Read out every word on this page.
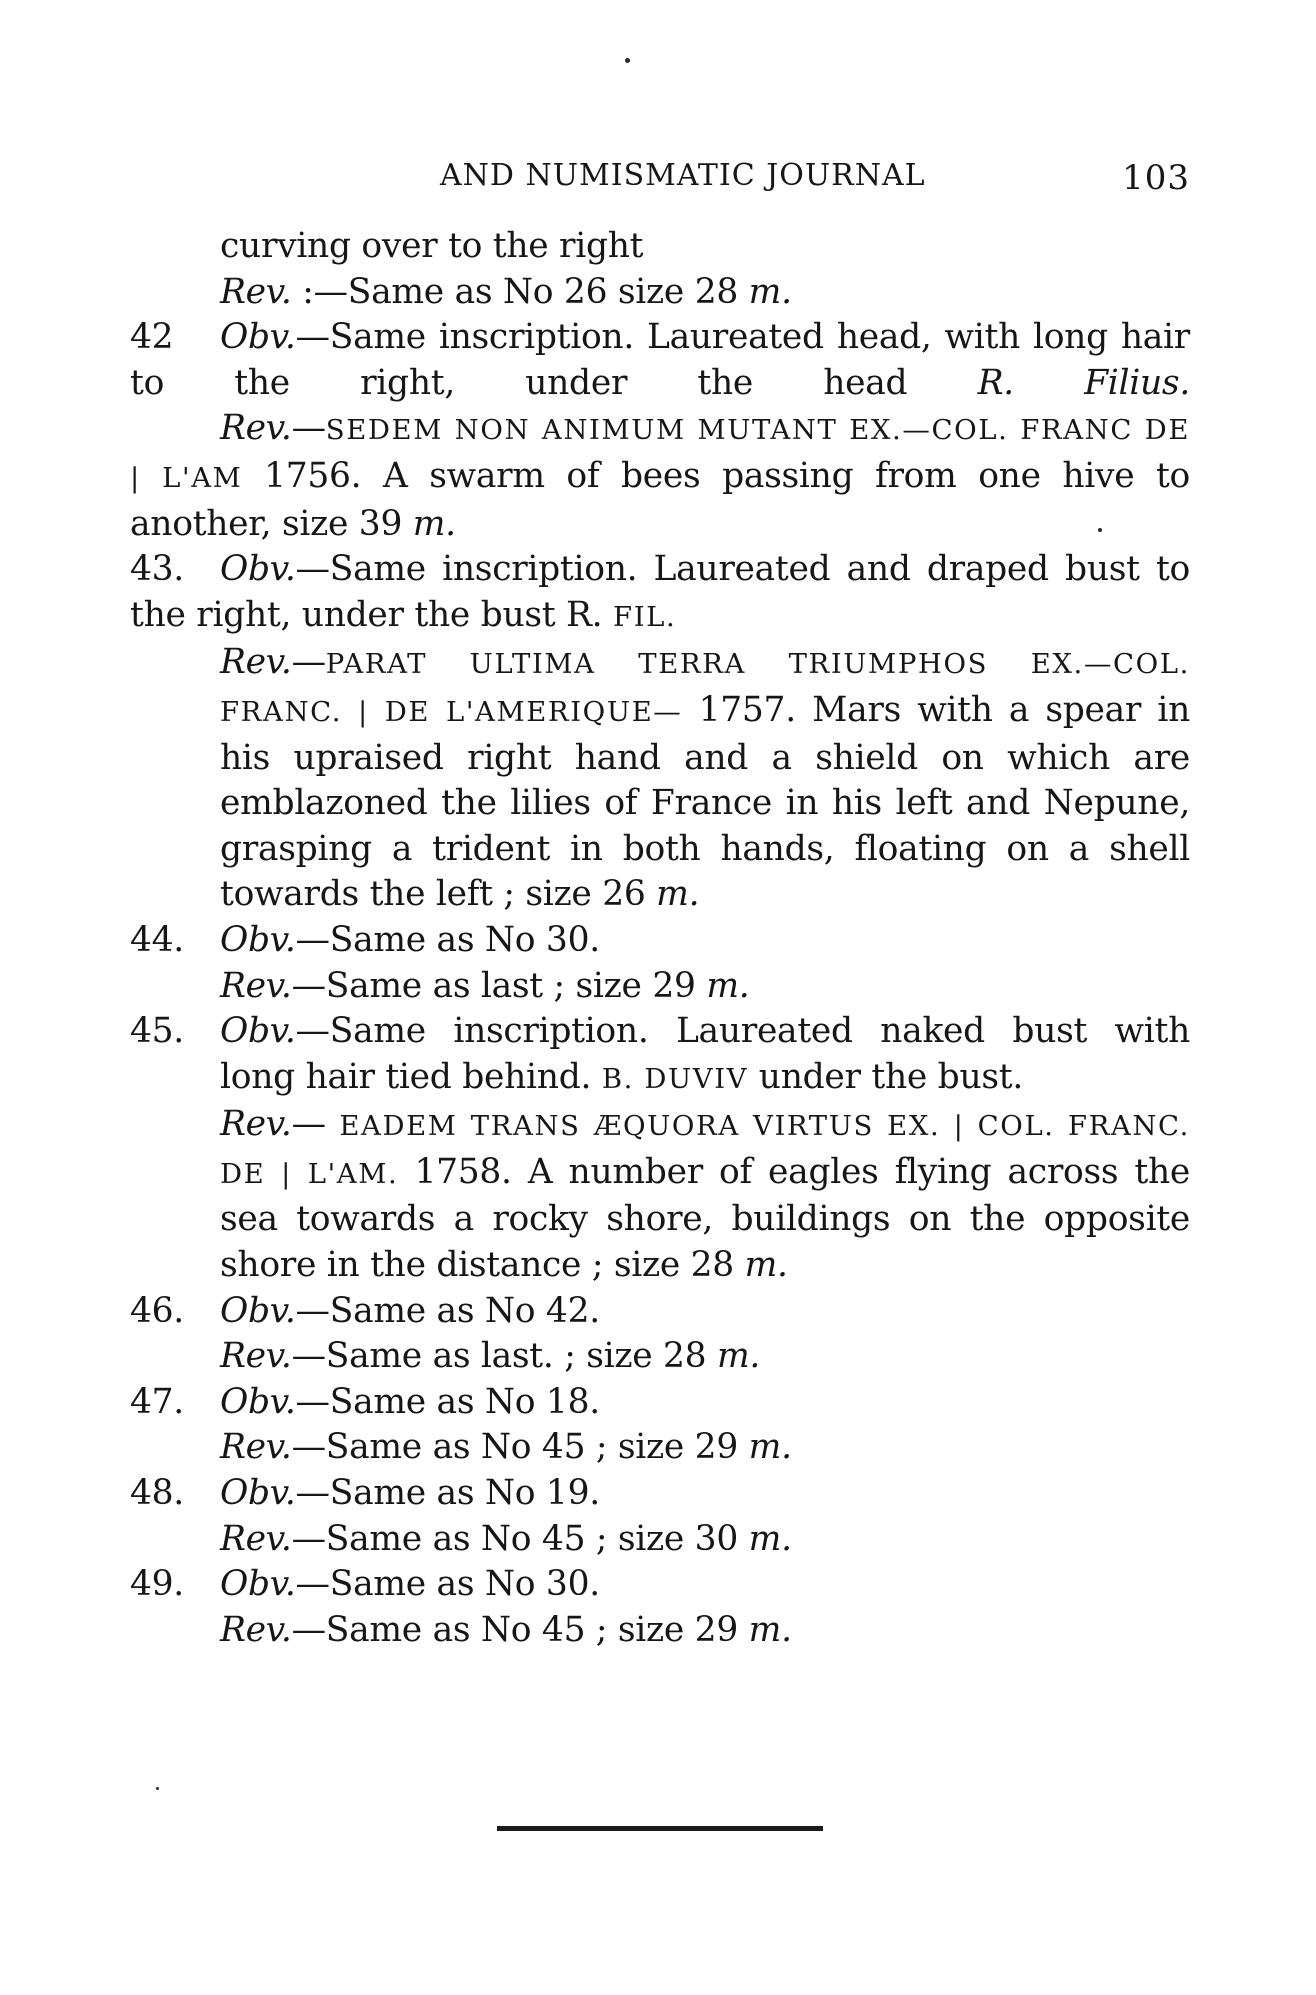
AND NUMISMATIC JOURNAL	103

curving over to the right

Rev. :—Same as No 26 size 28 m.

42 Obv.—Same inscription. Laureated head, with long hair to the right, under the head R. Filius.

Rev.—SEDEM NON ANIMUM MUTANT EX.—COL. FRANC DE | L'AM 1756. A swarm of bees passing from one hive to another, size 39 m.

43. Obv.—Same inscription. Laureated and draped bust to the right, under the bust R. FIL.

Rev.—PARAT ULTIMA TERRA TRIUMPHOS EX.—COL. FRANC. | DE L'AMERIQUE— 1757. Mars with a spear in his upraised right hand and a shield on which are emblazoned the lilies of France in his left and Nepune, grasping a trident in both hands, floating on a shell towards the left ; size 26 m.

44.	Obv.—Same as No 30.

Rev.—Same as last ; size 29 m.

45.	Obv.—Same inscription. Laureated naked bust with long hair tied behind. B. DUVIV under the bust.

Rev.— EADEM TRANS ÆQUORA VIRTUS EX. | COL. FRANC. DE | L'AM. 1758. A number of eagles flying across the sea towards a rocky shore, buildings on the opposite shore in the distance ; size 28 m.

46.	Obv.—Same as No 42.

Rev.—Same as last. ; size 28 m.

47.	Obv.—Same as No 18.

Rev.—Same as No 45 ; size 29 m.

48.	Obv.—Same as No 19.

Rev.—Same as No 45 ; size 30 m.

49.	Obv.—Same as No 30.

Rev.—Same as No 45 ; size 29 m.
